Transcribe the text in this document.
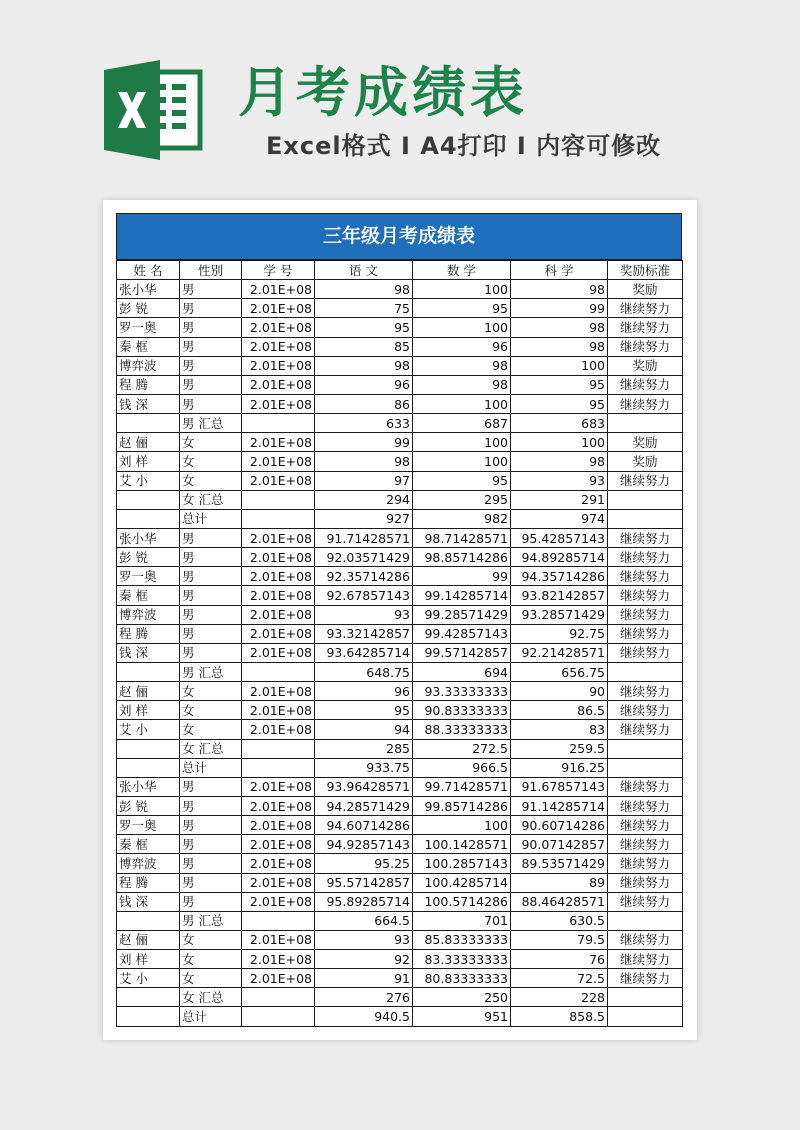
月考成绩表
Excel格式 I A4打印 I 内容可修改
三年级月考成绩表
姓 名	性别	学 号	语 文	数 学	科 学	奖励标准
张小华	男	2.01E+08	98	100	98	奖励
彭 锐	男	2.01E+08	75	95	99	继续努力
罗一奥	男	2.01E+08	95	100	98	继续努力
秦 框	男	2.01E+08	85	96	98	继续努力
博弈波	男	2.01E+08	98	98	100	奖励
程 腾	男	2.01E+08	96	98	95	继续努力
钱 深	男	2.01E+08	86	100	95	继续努力
	男 汇总		633	687	683	
赵 俪	女	2.01E+08	99	100	100	奖励
刘 样	女	2.01E+08	98	100	98	奖励
艾 小	女	2.01E+08	97	95	93	继续努力
	女 汇总		294	295	291	
	总计		927	982	974	
张小华	男	2.01E+08	91.71428571	98.71428571	95.42857143	继续努力
彭 锐	男	2.01E+08	92.03571429	98.85714286	94.89285714	继续努力
罗一奥	男	2.01E+08	92.35714286	99	94.35714286	继续努力
秦 框	男	2.01E+08	92.67857143	99.14285714	93.82142857	继续努力
博弈波	男	2.01E+08	93	99.28571429	93.28571429	继续努力
程 腾	男	2.01E+08	93.32142857	99.42857143	92.75	继续努力
钱 深	男	2.01E+08	93.64285714	99.57142857	92.21428571	继续努力
	男 汇总		648.75	694	656.75	
赵 俪	女	2.01E+08	96	93.33333333	90	继续努力
刘 样	女	2.01E+08	95	90.83333333	86.5	继续努力
艾 小	女	2.01E+08	94	88.33333333	83	继续努力
	女 汇总		285	272.5	259.5	
	总计		933.75	966.5	916.25	
张小华	男	2.01E+08	93.96428571	99.71428571	91.67857143	继续努力
彭 锐	男	2.01E+08	94.28571429	99.85714286	91.14285714	继续努力
罗一奥	男	2.01E+08	94.60714286	100	90.60714286	继续努力
秦 框	男	2.01E+08	94.92857143	100.1428571	90.07142857	继续努力
博弈波	男	2.01E+08	95.25	100.2857143	89.53571429	继续努力
程 腾	男	2.01E+08	95.57142857	100.4285714	89	继续努力
钱 深	男	2.01E+08	95.89285714	100.5714286	88.46428571	继续努力
	男 汇总		664.5	701	630.5	
赵 俪	女	2.01E+08	93	85.83333333	79.5	继续努力
刘 样	女	2.01E+08	92	83.33333333	76	继续努力
艾 小	女	2.01E+08	91	80.83333333	72.5	继续努力
	女 汇总		276	250	228	
	总计		940.5	951	858.5	
